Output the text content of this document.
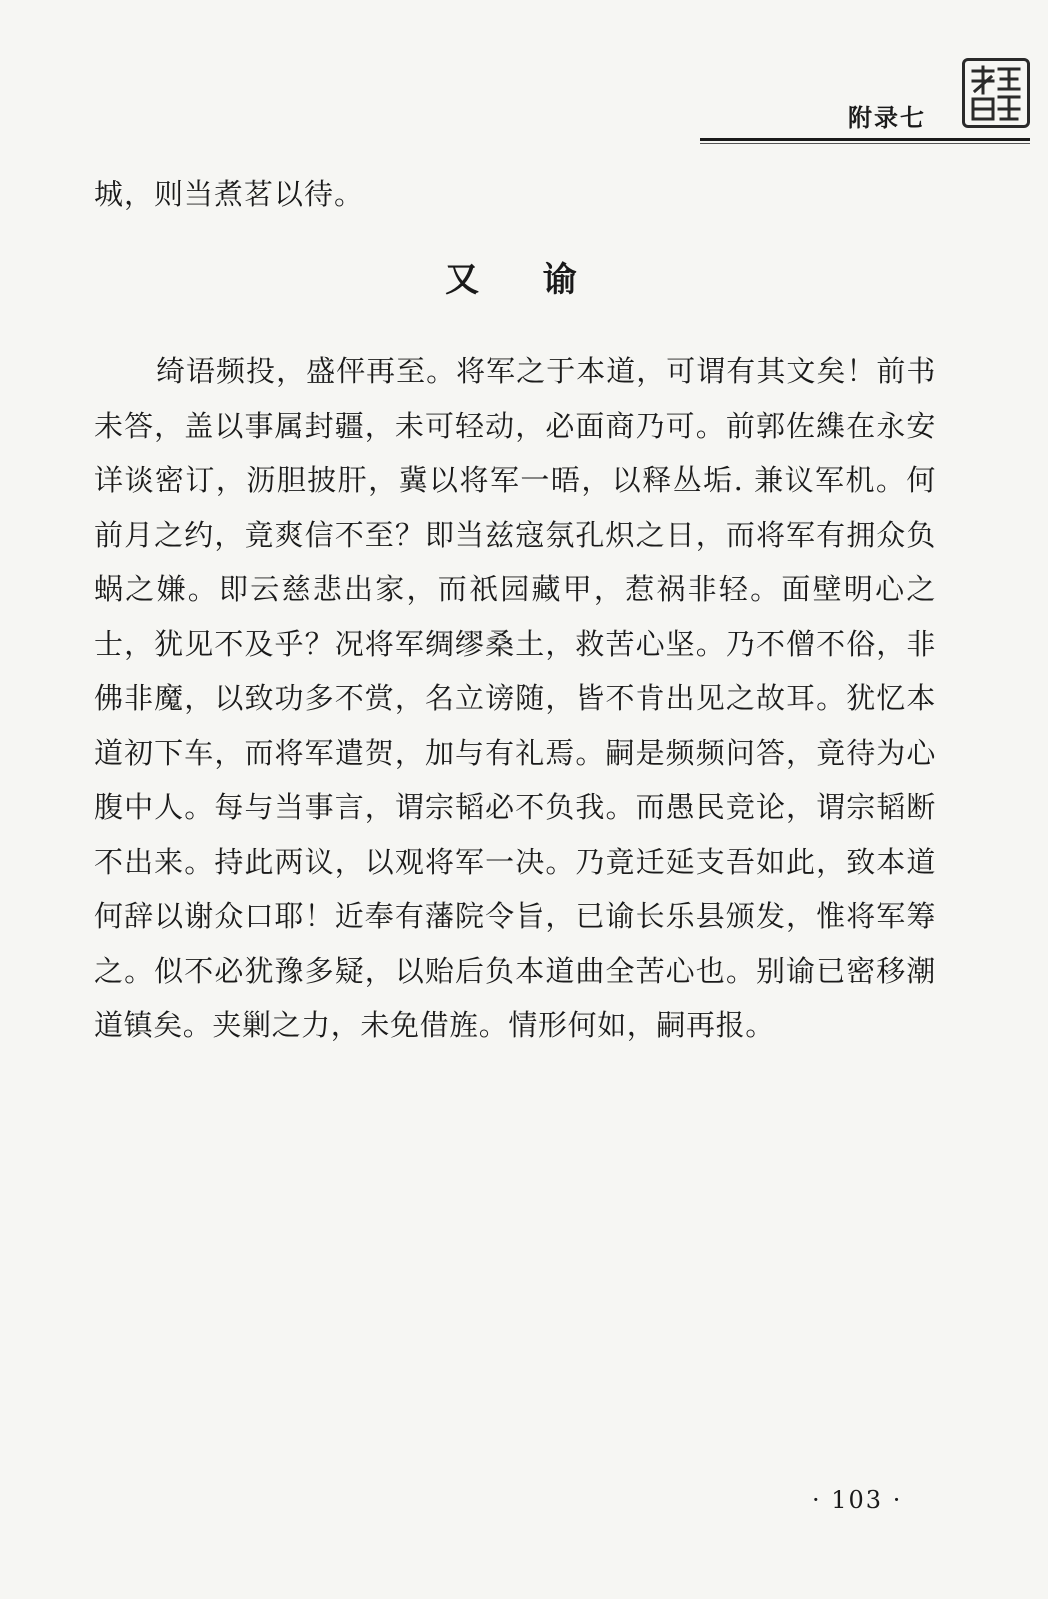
附录七
城，则当煮茗以待。
又 谕
绮语频投，盛伻再至。将军之于本道，可谓有其文矣！前书未答，盖以事属封疆，未可轻动，必面商乃可。前郭佐䌖在永安详谈密订，沥胆披肝，冀以将军一晤，以释丛垢. 兼议军机。何前月之约，竟爽信不至？即当兹寇氛孔炽之日，而将军有拥众负蜗之嫌。即云慈悲出家，而祇园藏甲，惹祸非轻。面壁明心之士，犹见不及乎？况将军绸缪桑土，救苦心坚。乃不僧不俗，非佛非魔，以致功多不赏，名立谤随，皆不肯出见之故耳。犹忆本道初下车，而将军遣贺，加与有礼焉。嗣是频频问答，竟待为心腹中人。每与当事言，谓宗韬必不负我。而愚民竞论，谓宗韬断不出来。持此两议，以观将军一决。乃竟迁延支吾如此，致本道何辞以谢众口耶！近奉有藩院令旨，已谕长乐县颁发，惟将军筹之。似不必犹豫多疑，以贻后负本道曲全苦心也。别谕已密移潮道镇矣。夹剿之力，未免借旌。情形何如，嗣再报。
· 103 ·
